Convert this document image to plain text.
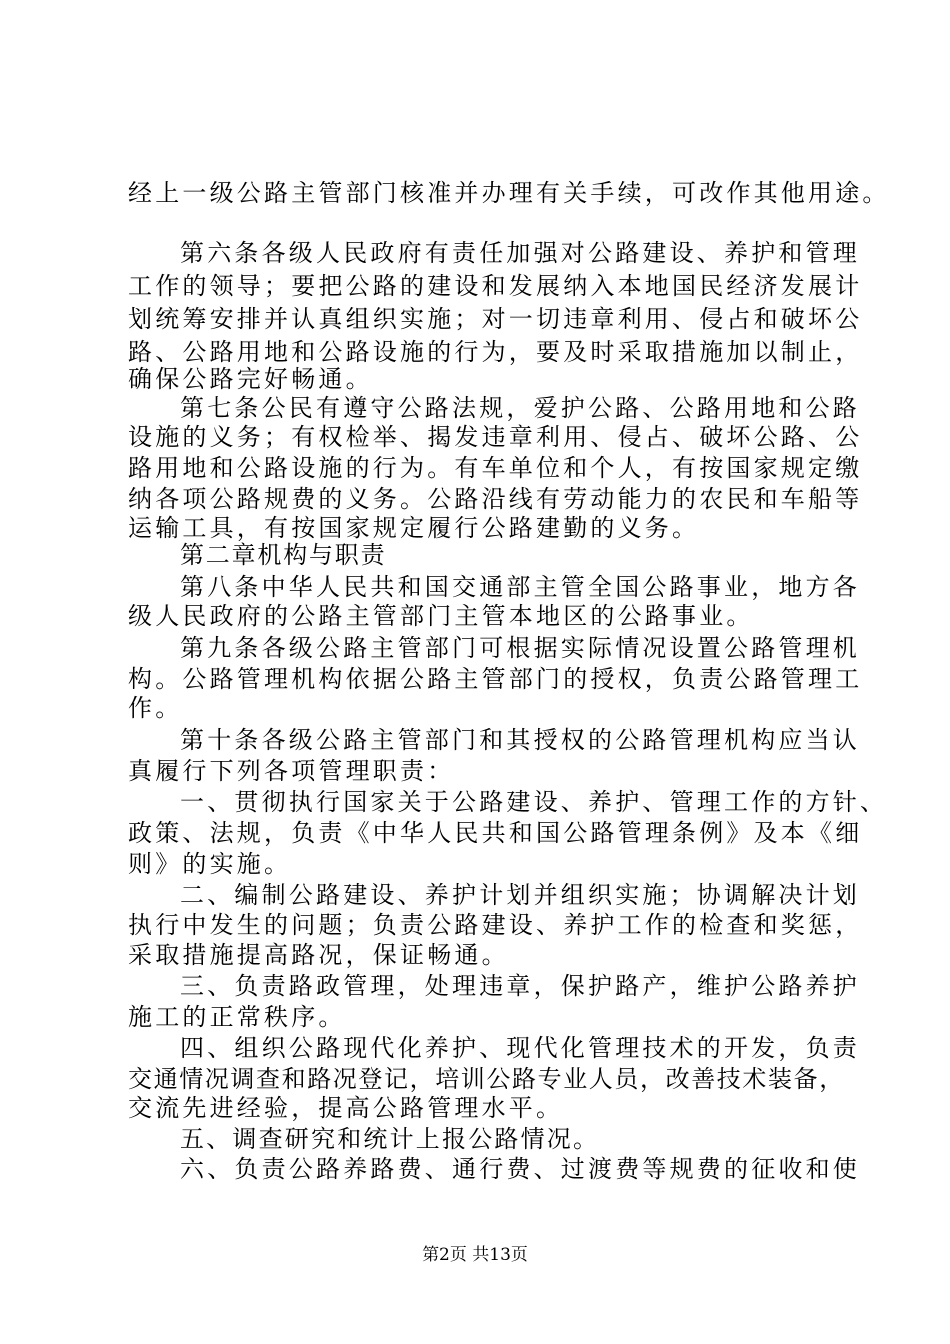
经上一级公路主管部门核准并办理有关手续，可改作其他用途。
第六条各级人民政府有责任加强对公路建设、养护和管理
工作的领导；要把公路的建设和发展纳入本地国民经济发展计
划统筹安排并认真组织实施；对一切违章利用、侵占和破坏公
路、公路用地和公路设施的行为，要及时采取措施加以制止，
确保公路完好畅通。
第七条公民有遵守公路法规，爱护公路、公路用地和公路
设施的义务；有权检举、揭发违章利用、侵占、破坏公路、公
路用地和公路设施的行为。有车单位和个人，有按国家规定缴
纳各项公路规费的义务。公路沿线有劳动能力的农民和车船等
运输工具，有按国家规定履行公路建勤的义务。
第二章机构与职责
第八条中华人民共和国交通部主管全国公路事业，地方各
级人民政府的公路主管部门主管本地区的公路事业。
第九条各级公路主管部门可根据实际情况设置公路管理机
构。公路管理机构依据公路主管部门的授权，负责公路管理工
作。
第十条各级公路主管部门和其授权的公路管理机构应当认
真履行下列各项管理职责：
一、贯彻执行国家关于公路建设、养护、管理工作的方针、
政策、法规，负责《中华人民共和国公路管理条例》及本《细
则》的实施。
二、编制公路建设、养护计划并组织实施；协调解决计划
执行中发生的问题；负责公路建设、养护工作的检查和奖惩，
采取措施提高路况，保证畅通。
三、负责路政管理，处理违章，保护路产，维护公路养护
施工的正常秩序。
四、组织公路现代化养护、现代化管理技术的开发，负责
交通情况调查和路况登记，培训公路专业人员，改善技术装备，
交流先进经验，提高公路管理水平。
五、调查研究和统计上报公路情况。
六、负责公路养路费、通行费、过渡费等规费的征收和使
第2页 共13页
